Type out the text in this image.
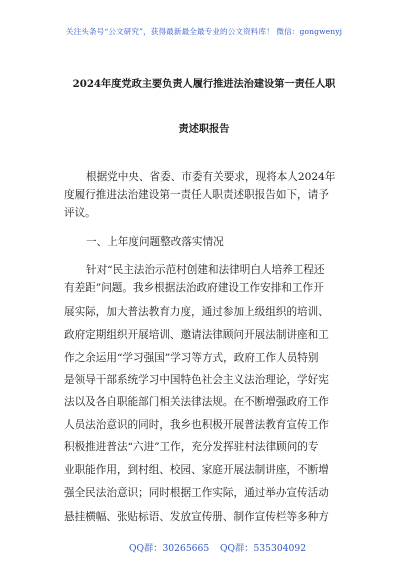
关注头条号“公文研究”，获得最新最全最专业的公文资料库！ 微信：gongwenyj
2024年度党政主要负责人履行推进法治建设第一责任人职
责述职报告
根据党中央、省委、市委有关要求，现将本人2024年
度履行推进法治建设第一责任人职责述职报告如下，请予
评议。
一、上年度问题整改落实情况
针对“民主法治示范村创建和法律明白人培养工程还
有差距”问题。我乡根据法治政府建设工作安排和工作开
展实际，加大普法教育力度，通过参加上级组织的培训、
政府定期组织开展培训、邀请法律顾问开展法制讲座和工
作之余运用“学习强国”学习等方式，政府工作人员特别
是领导干部系统学习中国特色社会主义法治理论，学好宪
法以及各自职能部门相关法律法规。在不断增强政府工作
人员法治意识的同时，我乡也积极开展普法教育宣传工作
积极推进普法“六进”工作，充分发挥驻村法律顾问的专
业职能作用，到村组、校园、家庭开展法制讲座，不断增
强全民法治意识；同时根据工作实际，通过举办宣传活动
悬挂横幅、张贴标语、发放宣传册、制作宣传栏等多种方
QQ群：30265665 QQ群：535304092
